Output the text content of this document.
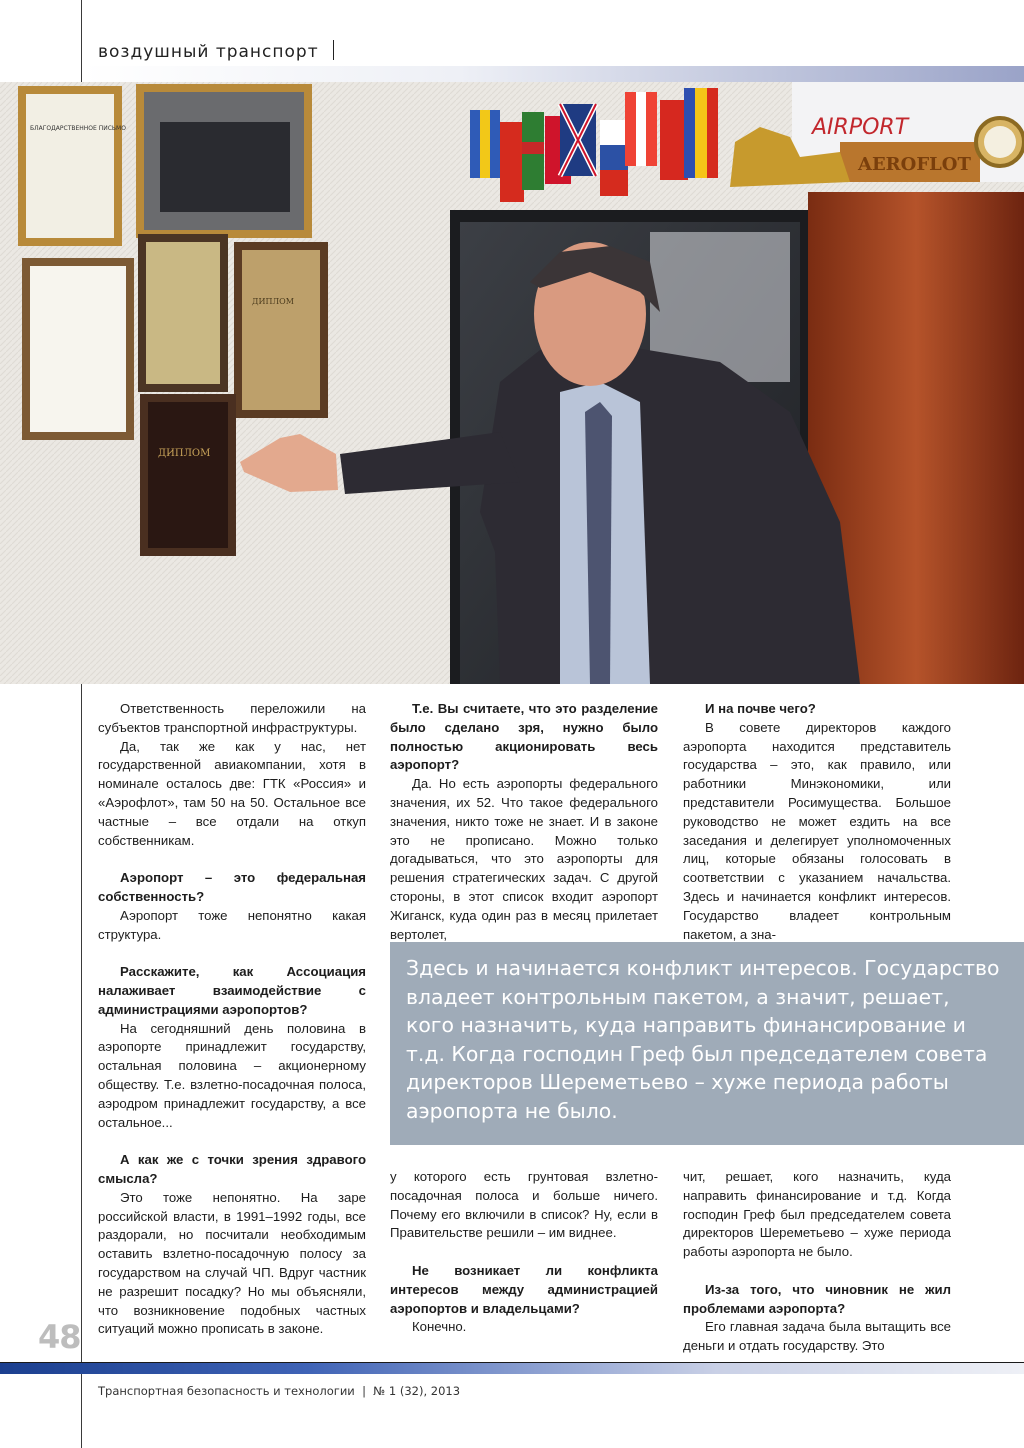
воздушный транспорт
AIRPORT
AEROFLOT
БЛАГОДАРСТВЕННОЕ ПИСЬМО
ДИПЛОМ
ДИПЛОМ

Ответственность переложили на субъектов транспортной инфраструктуры.

Да, так же как у нас, нет государственной авиакомпании, хотя в номинале осталось две: ГТК «Россия» и «Аэрофлот», там 50 на 50. Остальное все частные – все отдали на откуп собственникам.

Аэропорт – это федеральная собственность?

Аэропорт тоже непонятно какая структура.

Расскажите, как Ассоциация налаживает взаимодействие с администрациями аэропортов?

На сегодняшний день половина в аэропорте принадлежит государству, остальная половина – акционерному обществу. Т.е. взлетно-посадочная полоса, аэродром принадлежит государству, а все остальное...

А как же с точки зрения здравого смысла?

Это тоже непонятно. На заре российской власти, в 1991–1992 годы, все раздорали, но посчитали необходимым оставить взлетно-посадочную полосу за государством на случай ЧП. Вдруг частник не разрешит посадку? Но мы объясняли, что возникновение подобных частных ситуаций можно прописать в законе.

Т.е. Вы считаете, что это разделение было сделано зря, нужно было полностью акционировать весь аэропорт?

Да. Но есть аэропорты федерального значения, их 52. Что такое федерального значения, никто тоже не знает. И в законе это не прописано. Можно только догадываться, что это аэропорты для решения стратегических задач. С другой стороны, в этот список входит аэропорт Жиганск, куда один раз в месяц прилетает вертолет,

И на почве чего?

В совете директоров каждого аэропорта находится представитель государства – это, как правило, или работники Минэкономики, или представители Росимущества. Большое руководство не может ездить на все заседания и делегирует уполномоченных лиц, которые обязаны голосовать в соответствии с указанием начальства. Здесь и начинается конфликт интересов. Государство владеет контрольным пакетом, а зна-

Здесь и начинается конфликт интересов. Государство владеет контрольным пакетом, а значит, решает, кого назначить, куда направить финансирование и т.д. Когда господин Греф был председателем совета директоров Шереметьево – хуже периода работы аэропорта не было.

у которого есть грунтовая взлетно-посадочная полоса и больше ничего. Почему его включили в список? Ну, если в Правительстве решили – им виднее.

Не возникает ли конфликта интересов между администрацией аэропортов и владельцами?

Конечно.

чит, решает, кого назначить, куда направить финансирование и т.д. Когда господин Греф был председателем совета директоров Шереметьево – хуже периода работы аэропорта не было.

Из-за того, что чиновник не жил проблемами аэропорта?

Его главная задача была вытащить все деньги и отдать государству. Это

48
Транспортная безопасность и технологии  |  № 1 (32), 2013
